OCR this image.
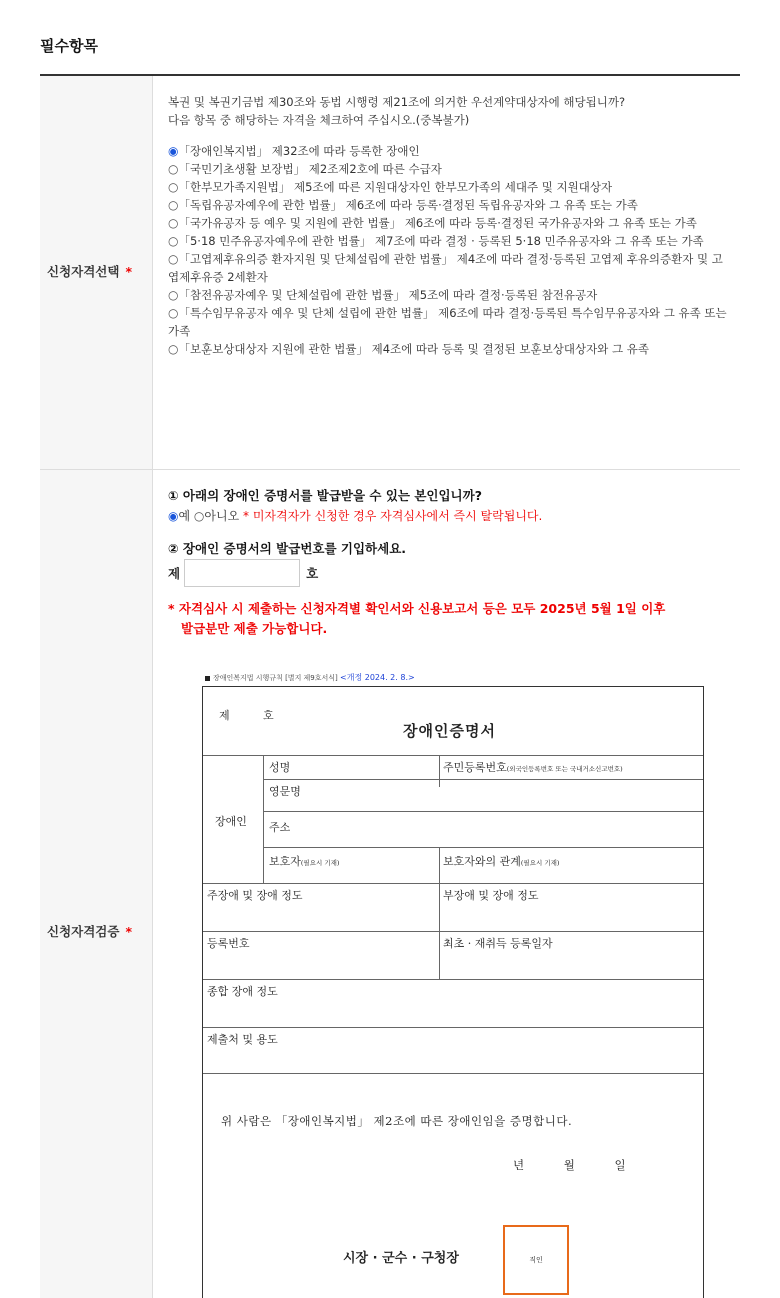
필수항목
신청자격선택 *
복권 및 복권기금법 제30조와 동법 시행령 제21조에 의거한 우선계약대상자에 해당됩니까?
다음 항목 중 해당하는 자격을 체크하여 주십시오.(중복불가)
◉「장애인복지법」 제32조에 따라 등록한 장애인
○「국민기초생활 보장법」 제2조제2호에 따른 수급자
○「한부모가족지원법」 제5조에 따른 지원대상자인 한부모가족의 세대주 및 지원대상자
○「독립유공자예우에 관한 법률」 제6조에 따라 등록·결정된 독립유공자와 그 유족 또는 가족
○「국가유공자 등 예우 및 지원에 관한 법률」 제6조에 따라 등록·결정된 국가유공자와 그 유족 또는 가족
○「5·18 민주유공자예우에 관한 법률」 제7조에 따라 결정 · 등록된 5·18 민주유공자와 그 유족 또는 가족
○「고엽제후유의증 환자지원 및 단체설립에 관한 법률」 제4조에 따라 결정·등록된 고엽제 후유의증환자 및 고엽제후유증 2세환자
○「참전유공자예우 및 단체설립에 관한 법률」 제5조에 따라 결정·등록된 참전유공자
○「특수임무유공자 예우 및 단체 설립에 관한 법률」 제6조에 따라 결정·등록된 특수임무유공자와 그 유족 또는 가족
○「보훈보상대상자 지원에 관한 법률」 제4조에 따라 등록 및 결정된 보훈보상대상자와 그 유족
신청자격검증 *
① 아래의 장애인 증명서를 발급받을 수 있는 본인입니까?
◉예 ○아니오 * 미자격자가 신청한 경우 자격심사에서 즉시 탈락됩니다.
② 장애인 증명서의 발급번호를 기입하세요.
제	호
* 자격심사 시 제출하는 신청자격별 확인서와 신용보고서 등은 모두 2025년 5월 1일 이후
발급분만 제출 가능합니다.
장애인복지법 시행규칙 [별지 제9호서식] <개정 2024. 2. 8.>
제	호
장애인증명서
장애인
성명	주민등록번호(외국인등록번호 또는 국내거소신고번호)
영문명
주소
보호자(필요시 기재)	보호자와의 관계(필요시 기재)
주장애 및 장애 정도	부장애 및 장애 정도
등록번호	최초 · 재취득 등록일자
종합 장애 정도
제출처 및 용도
위 사람은 「장애인복지법」 제2조에 따른 장애인임을 증명합니다.
년	월	일
시장 · 군수 · 구청장	직인
